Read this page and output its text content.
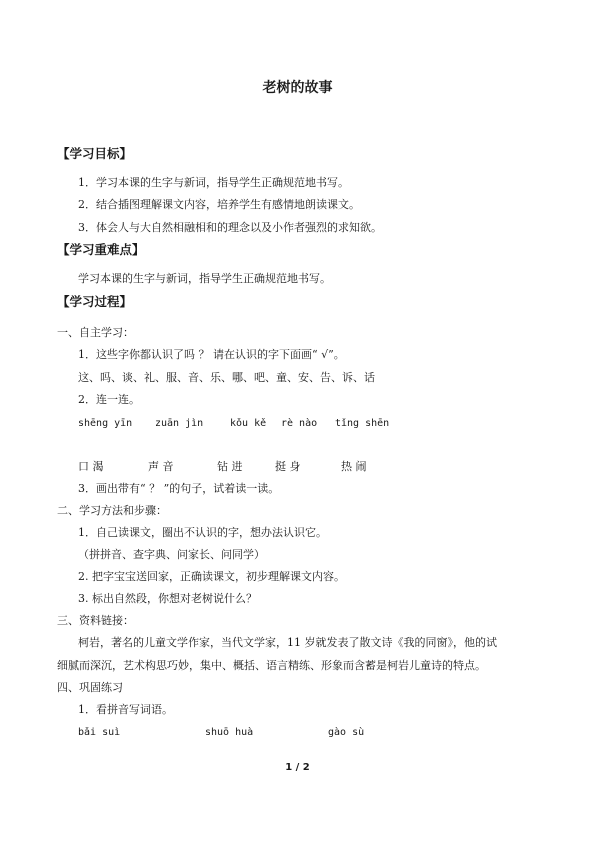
老树的故事
【学习目标】
1．学习本课的生字与新词，指导学生正确规范地书写。
2．结合插图理解课文内容，培养学生有感情地朗读课文。
3．体会人与大自然相融相和的理念以及小作者强烈的求知欲。
【学习重难点】
学习本课的生字与新词，指导学生正确规范地书写。
【学习过程】
一、自主学习：
1．这些字你都认识了吗 ？ 请在认识的字下面画“ √”。
这、吗、谈、礼、服、音、乐、哪、吧、童、安、告、诉、话
2．连一连。
shēng yīn zuān jìn	kǒu kě rè nào tǐng shēn
口 渴	声 音	钻 进	挺 身	热 闹
3．画出带有“ ？ ”的句子，试着读一读。
二、学习方法和步骤：
1．自己读课文，圈出不认识的字，想办法认识它。
（拼拼音、查字典、问家长、问同学）
2. 把字宝宝送回家，正确读课文，初步理解课文内容。
3. 标出自然段，你想对老树说什么？
三、资料链接：
柯岩，著名的儿童文学作家，当代文学家，11 岁就发表了散文诗《我的同窗》，他的试
细腻而深沉，艺术构思巧妙，集中、概括、语言精练、形象而含蓄是柯岩儿童诗的特点。
四、巩固练习
1．看拼音写词语。
bǎi suì	shuō huà	gào sù
1 / 2
